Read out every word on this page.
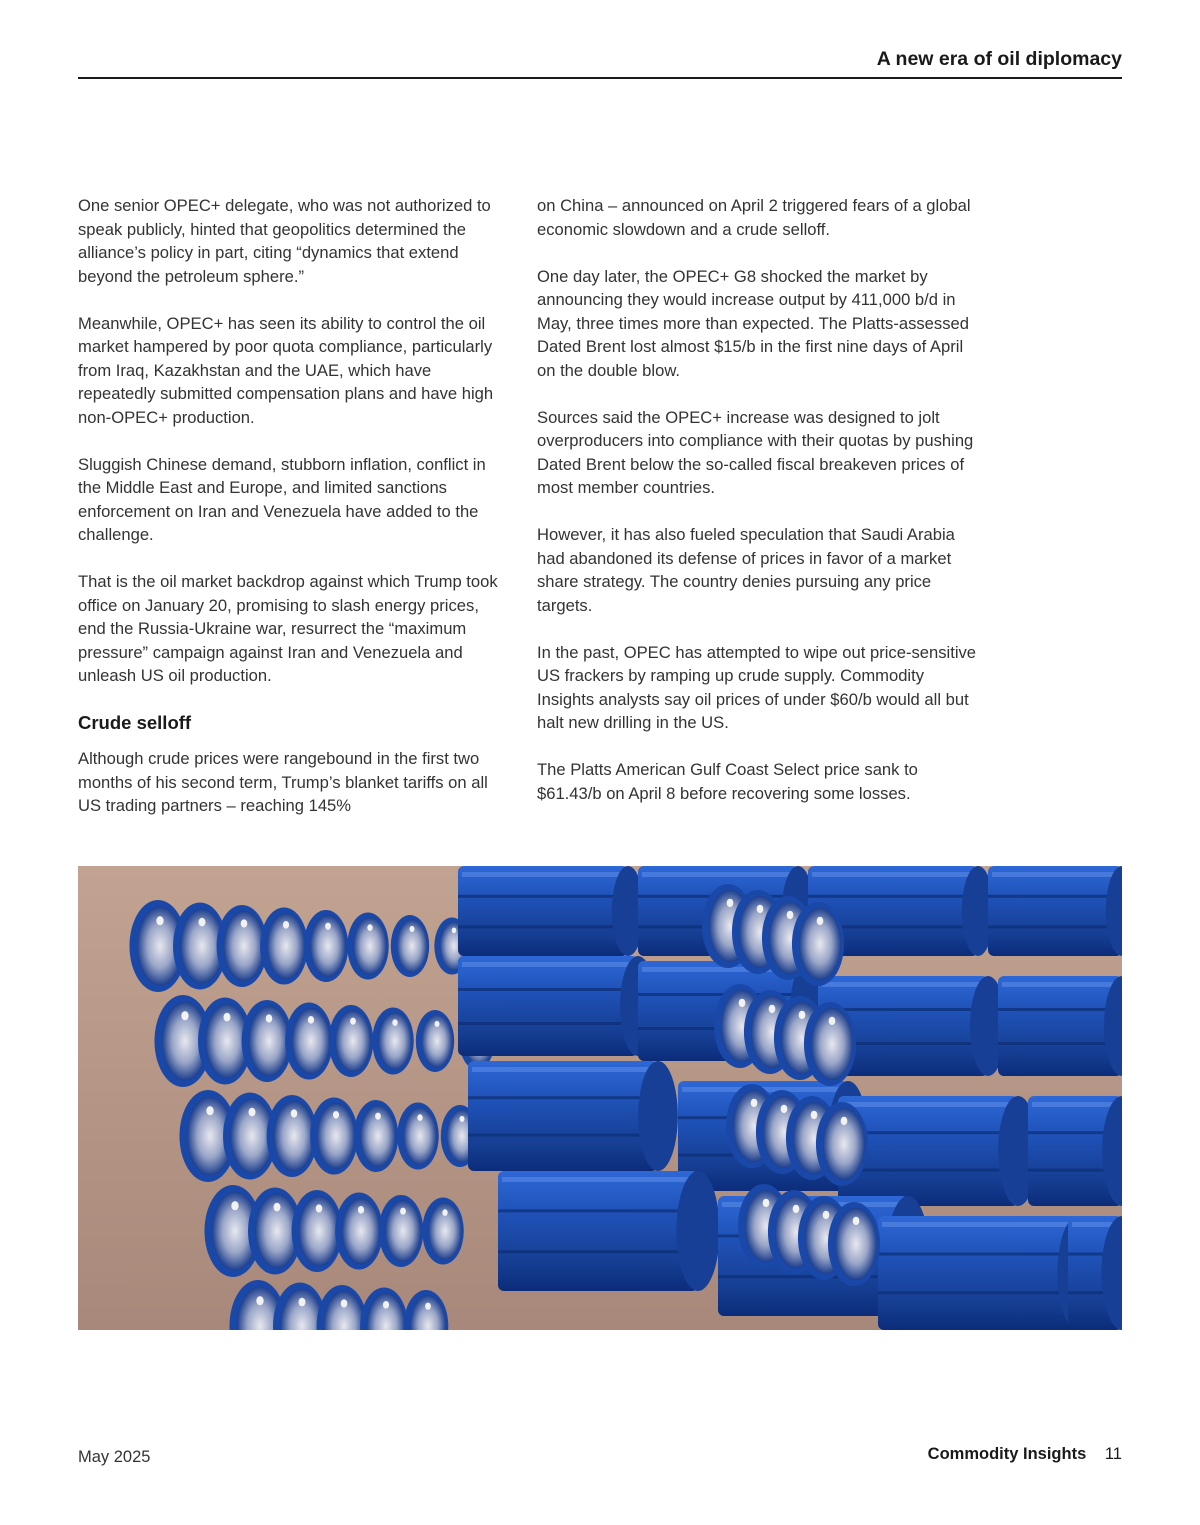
A new era of oil diplomacy

One senior OPEC+ delegate, who was not authorized to speak publicly, hinted that geopolitics determined the alliance’s policy in part, citing “dynamics that extend beyond the petroleum sphere.”

Meanwhile, OPEC+ has seen its ability to control the oil market hampered by poor quota compliance, particularly from Iraq, Kazakhstan and the UAE, which have repeatedly submitted compensation plans and have high non-OPEC+ production.

Sluggish Chinese demand, stubborn inflation, conflict in the Middle East and Europe, and limited sanctions enforcement on Iran and Venezuela have added to the challenge.

That is the oil market backdrop against which Trump took office on January 20, promising to slash energy prices, end the Russia-Ukraine war, resurrect the “maximum pressure” campaign against Iran and Venezuela and unleash US oil production.

Crude selloff

Although crude prices were rangebound in the first two months of his second term, Trump’s blanket tariffs on all US trading partners – reaching 145%

on China – announced on April 2 triggered fears of a global economic slowdown and a crude selloff.

One day later, the OPEC+ G8 shocked the market by announcing they would increase output by 411,000 b/d in May, three times more than expected. The Platts-assessed Dated Brent lost almost $15/b in the first nine days of April on the double blow.

Sources said the OPEC+ increase was designed to jolt overproducers into compliance with their quotas by pushing Dated Brent below the so-called fiscal breakeven prices of most member countries.

However, it has also fueled speculation that Saudi Arabia had abandoned its defense of prices in favor of a market share strategy. The country denies pursuing any price targets.

In the past, OPEC has attempted to wipe out price-sensitive US frackers by ramping up crude supply. Commodity Insights analysts say oil prices of under $60/b would all but halt new drilling in the US.

The Platts American Gulf Coast Select price sank to $61.43/b on April 8 before recovering some losses.

May 2025	Commodity Insights 11
